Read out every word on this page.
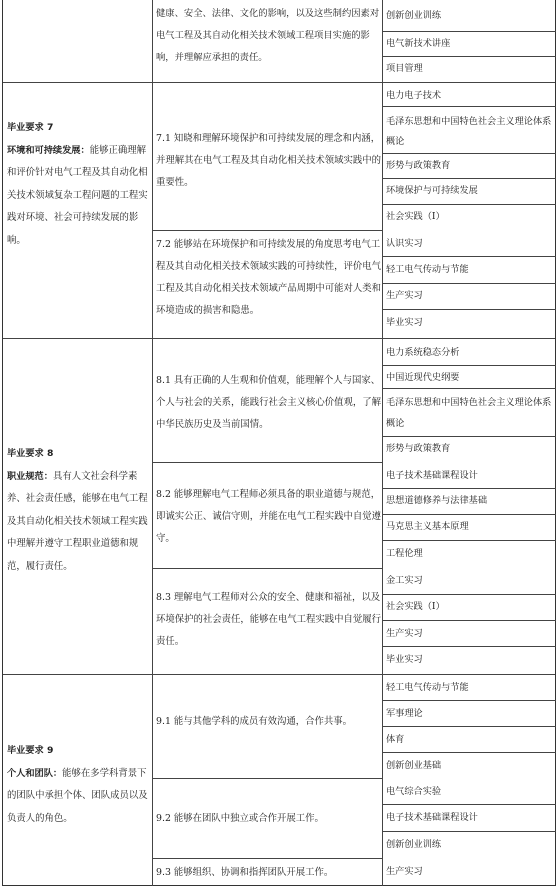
健康、安全、法律、文化的影响，以及这些制约因素对电气工程及其自动化相关技术领域工程项目实施的影响，并理解应承担的责任。
创新创业训练
电气新技术讲座
项目管理
毕业要求 7
环境和可持续发展：能够正确理解和评价针对电气工程及其自动化相关技术领域复杂工程问题的工程实践对环境、社会可持续发展的影响。
7.1 知晓和理解环境保护和可持续发展的理念和内涵，并理解其在电气工程及其自动化相关技术领域实践中的重要性。
7.2 能够站在环境保护和可持续发展的角度思考电气工程及其自动化相关技术领域实践的可持续性，评价电气工程及其自动化相关技术领域产品周期中可能对人类和环境造成的损害和隐患。
电力电子技术
毛泽东思想和中国特色社会主义理论体系概论
形势与政策教育
环境保护与可持续发展
社会实践（I）
认识实习
轻工电气传动与节能
生产实习
毕业实习
毕业要求 8
职业规范：具有人文社会科学素养、社会责任感，能够在电气工程及其自动化相关技术领域工程实践中理解并遵守工程职业道德和规范，履行责任。
8.1 具有正确的人生观和价值观，能理解个人与国家、个人与社会的关系，能践行社会主义核心价值观，了解中华民族历史及当前国情。
8.2 能够理解电气工程师必须具备的职业道德与规范，即诚实公正、诚信守则，并能在电气工程实践中自觉遵守。
8.3 理解电气工程师对公众的安全、健康和福祉，以及环境保护的社会责任，能够在电气工程实践中自觉履行责任。
电力系统稳态分析
中国近现代史纲要
毛泽东思想和中国特色社会主义理论体系概论
形势与政策教育
电子技术基础课程设计
思想道德修养与法律基础
马克思主义基本原理
工程伦理
金工实习
社会实践（I）
生产实习
毕业实习
毕业要求 9
个人和团队：能够在多学科背景下的团队中承担个体、团队成员以及负责人的角色。
9.1 能与其他学科的成员有效沟通，合作共事。
9.2 能够在团队中独立或合作开展工作。
9.3 能够组织、协调和指挥团队开展工作。
轻工电气传动与节能
军事理论
体育
创新创业基础
电气综合实验
电子技术基础课程设计
创新创业训练
生产实习
